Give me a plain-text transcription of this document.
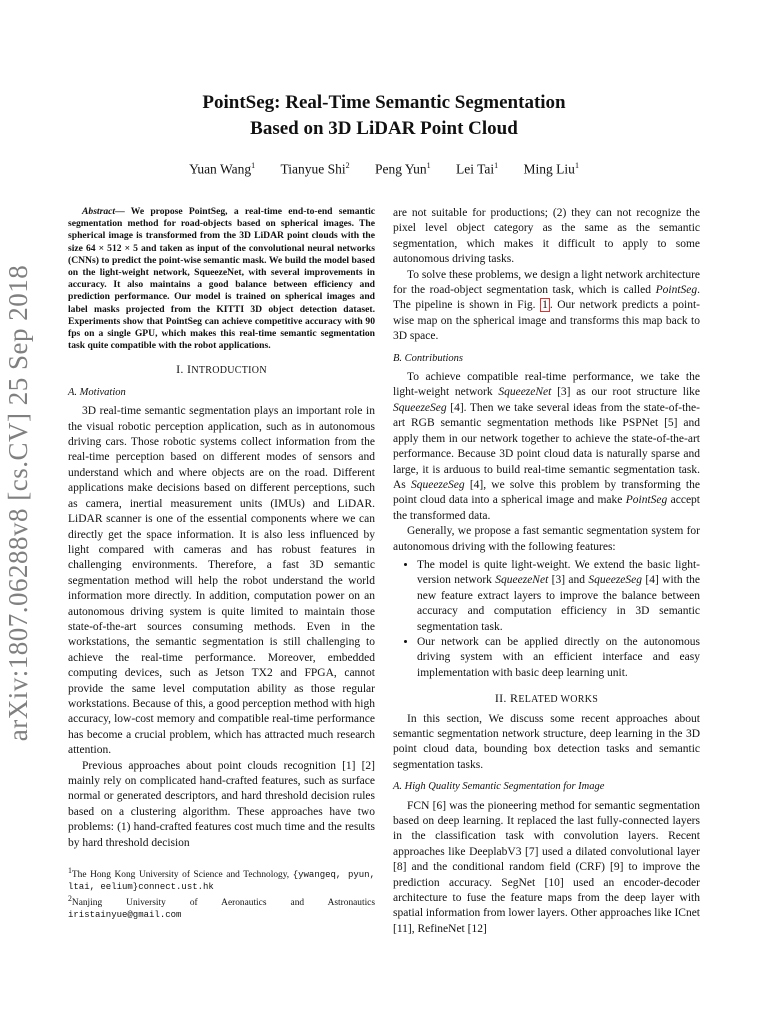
arXiv:1807.06288v8 [cs.CV] 25 Sep 2018
PointSeg: Real-Time Semantic Segmentation
Based on 3D LiDAR Point Cloud
Yuan Wang$^1$ Tianyue Shi$^2$ Peng Yun$^1$ Lei Tai$^1$ Ming Liu$^1$

Abstract— We propose PointSeg, a real-time end-to-end semantic segmentation method for road-objects based on spherical images. The spherical image is transformed from the 3D LiDAR point clouds with the size 64 × 512 × 5 and taken as input of the convolutional neural networks (CNNs) to predict the point-wise semantic mask. We build the model based on the light-weight network, SqueezeNet, with several improvements in accuracy. It also maintains a good balance between efficiency and prediction performance. Our model is trained on spherical images and label masks projected from the KITTI 3D object detection dataset. Experiments show that PointSeg can achieve competitive accuracy with 90 fps on a single GPU, which makes this real-time semantic segmentation task quite compatible with the robot applications.

I. INTRODUCTION
A. Motivation

3D real-time semantic segmentation plays an important role in the visual robotic perception application, such as in autonomous driving cars. Those robotic systems collect information from the real-time perception based on different modes of sensors and understand which and where objects are on the road. Different applications make decisions based on different perceptions, such as camera, inertial measurement units (IMUs) and LiDAR. LiDAR scanner is one of the essential components where we can directly get the space information. It is also less influenced by light compared with cameras and has robust features in challenging environments. Therefore, a fast 3D semantic segmentation method will help the robot understand the world information more directly. In addition, computation power on an autonomous driving system is quite limited to maintain those state-of-the-art sources consuming methods. Even in the workstations, the semantic segmentation is still challenging to achieve the real-time performance. Moreover, embedded computing devices, such as Jetson TX2 and FPGA, cannot provide the same level computation ability as those regular workstations. Because of this, a good perception method with high accuracy, low-cost memory and compatible real-time performance has become a crucial problem, which has attracted much research attention.

Previous approaches about point clouds recognition [1] [2] mainly rely on complicated hand-crafted features, such as surface normal or generated descriptors, and hard threshold decision rules based on a clustering algorithm. These approaches have two problems: (1) hand-crafted features cost much time and the results by hard threshold decision

$^1$The Hong Kong University of Science and Technology, {ywangeq, pyun, ltai, eelium}connect.ust.hk
$^2$Nanjing University of Aeronautics and Astronautics iristainyue@gmail.com

are not suitable for productions; (2) they can not recognize the pixel level object category as the same as the semantic segmentation, which makes it difficult to apply to some autonomous driving tasks.

To solve these problems, we design a light network architecture for the road-object segmentation task, which is called PointSeg. The pipeline is shown in Fig. 1 . Our network predicts a point-wise map on the spherical image and transforms this map back to 3D space.

B. Contributions

To achieve compatible real-time performance, we take the light-weight network SqueezeNet [3] as our root structure like SqueezeSeg [4]. Then we take several ideas from the state-of-the-art RGB semantic segmentation methods like PSPNet [5] and apply them in our network together to achieve the state-of-the-art performance. Because 3D point cloud data is naturally sparse and large, it is arduous to build real-time semantic segmentation task. As SqueezeSeg [4], we solve this problem by transforming the point cloud data into a spherical image and make PointSeg accept the transformed data.

Generally, we propose a fast semantic segmentation system for autonomous driving with the following features:

• The model is quite light-weight. We extend the basic light-version network SqueezeNet [3] and SqueezeSeg [4] with the new feature extract layers to improve the balance between accuracy and computation efficiency in 3D semantic segmentation task.
• Our network can be applied directly on the autonomous driving system with an efficient interface and easy implementation with basic deep learning unit.
II. RELATED WORKS

In this section, We discuss some recent approaches about semantic segmentation network structure, deep learning in the 3D point cloud data, bounding box detection tasks and semantic segmentation tasks.

A. High Quality Semantic Segmentation for Image

FCN [6] was the pioneering method for semantic segmentation based on deep learning. It replaced the last fully-connected layers in the classification task with convolution layers. Recent approaches like DeeplabV3 [7] used a dilated convolutional layer [8] and the conditional random field (CRF) [9] to improve the prediction accuracy. SegNet [10] used an encoder-decoder architecture to fuse the feature maps from the deep layer with spatial information from lower layers. Other approaches like ICnet [11], RefineNet [12]
